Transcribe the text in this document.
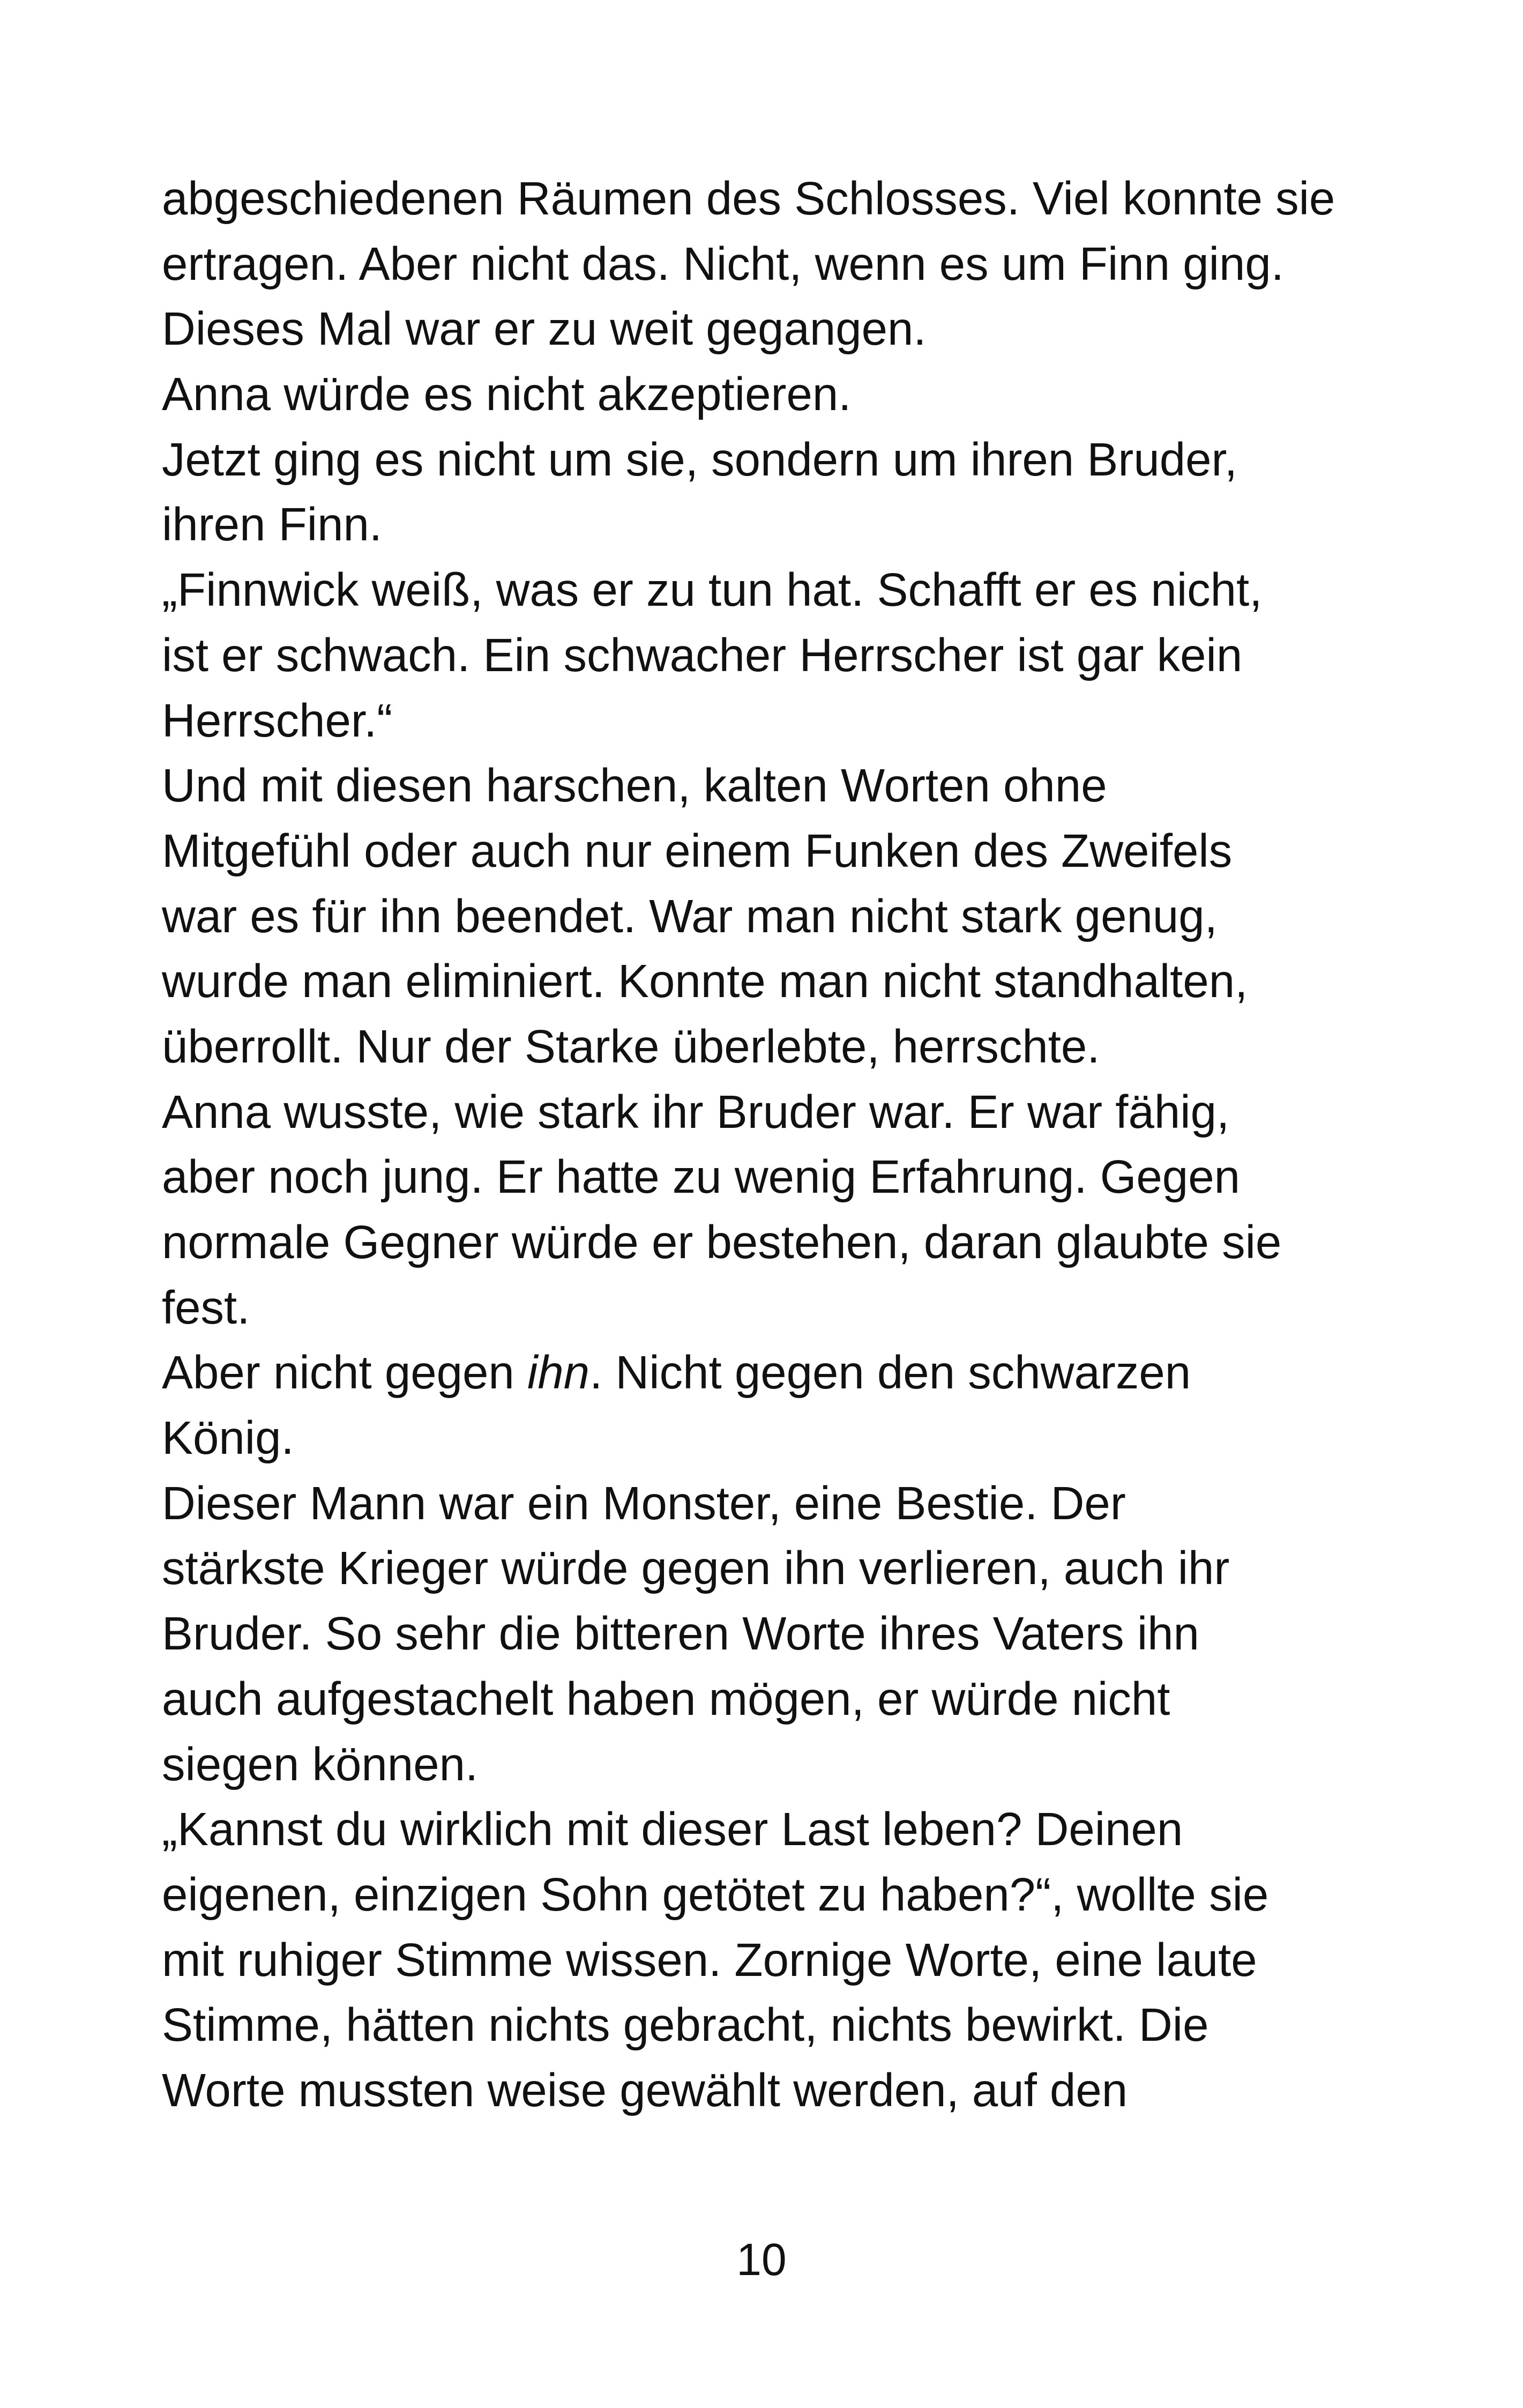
abgeschiedenen Räumen des Schlosses. Viel konnte sie
ertragen. Aber nicht das. Nicht, wenn es um Finn ging.
Dieses Mal war er zu weit gegangen.
Anna würde es nicht akzeptieren.
Jetzt ging es nicht um sie, sondern um ihren Bruder,
ihren Finn.
„Finnwick weiß, was er zu tun hat. Schafft er es nicht,
ist er schwach. Ein schwacher Herrscher ist gar kein
Herrscher.“
Und mit diesen harschen, kalten Worten ohne
Mitgefühl oder auch nur einem Funken des Zweifels
war es für ihn beendet. War man nicht stark genug,
wurde man eliminiert. Konnte man nicht standhalten,
überrollt. Nur der Starke überlebte, herrschte.
Anna wusste, wie stark ihr Bruder war. Er war fähig,
aber noch jung. Er hatte zu wenig Erfahrung. Gegen
normale Gegner würde er bestehen, daran glaubte sie
fest.
Aber nicht gegen ihn. Nicht gegen den schwarzen
König.
Dieser Mann war ein Monster, eine Bestie. Der
stärkste Krieger würde gegen ihn verlieren, auch ihr
Bruder. So sehr die bitteren Worte ihres Vaters ihn
auch aufgestachelt haben mögen, er würde nicht
siegen können.
„Kannst du wirklich mit dieser Last leben? Deinen
eigenen, einzigen Sohn getötet zu haben?“, wollte sie
mit ruhiger Stimme wissen. Zornige Worte, eine laute
Stimme, hätten nichts gebracht, nichts bewirkt. Die
Worte mussten weise gewählt werden, auf den
10
